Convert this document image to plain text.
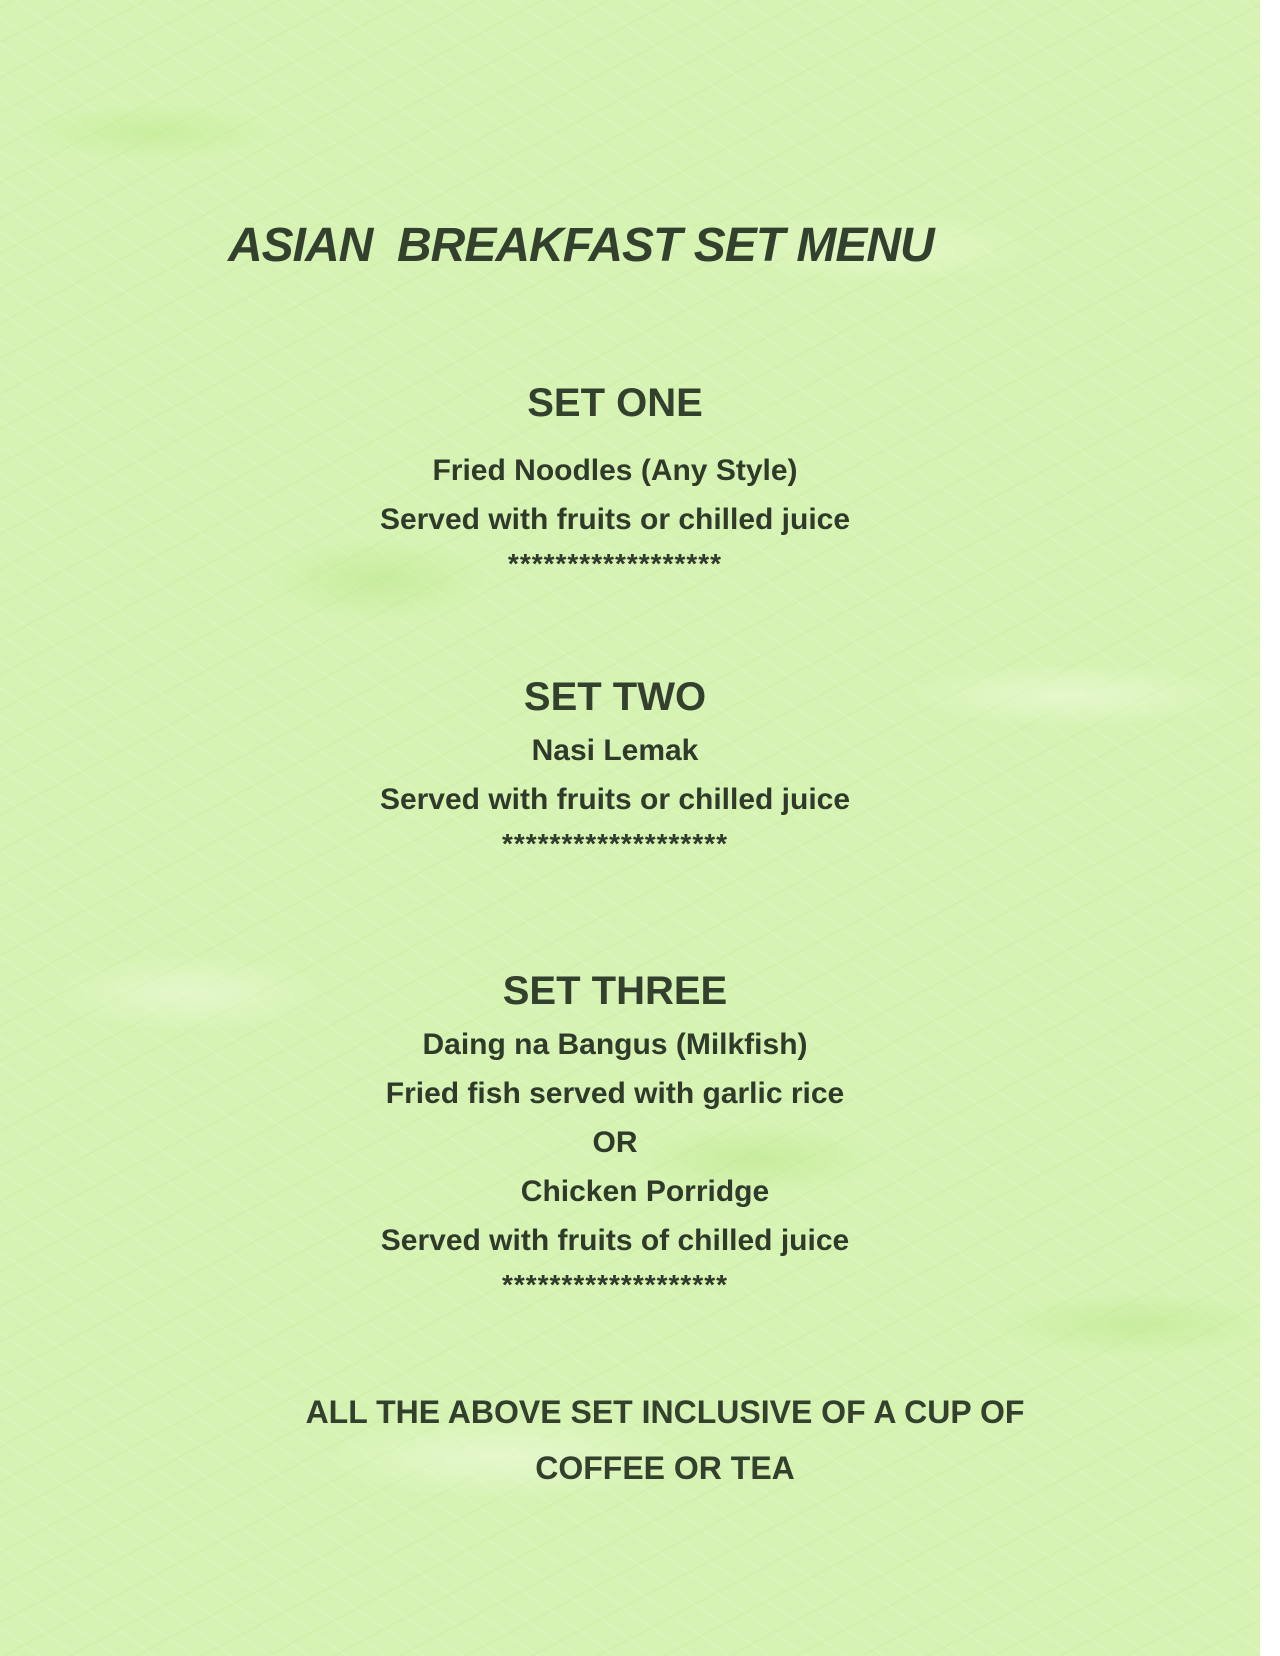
ASIAN  BREAKFAST SET MENU
SET ONE

Fried Noodles (Any Style)

Served with fruits or chilled juice

******************

SET TWO

Nasi Lemak

Served with fruits or chilled juice

*******************

SET THREE

Daing na Bangus (Milkfish)

Fried fish served with garlic rice

OR

Chicken Porridge

Served with fruits of chilled juice

*******************

ALL THE ABOVE SET INCLUSIVE OF A CUP OF
COFFEE OR TEA
